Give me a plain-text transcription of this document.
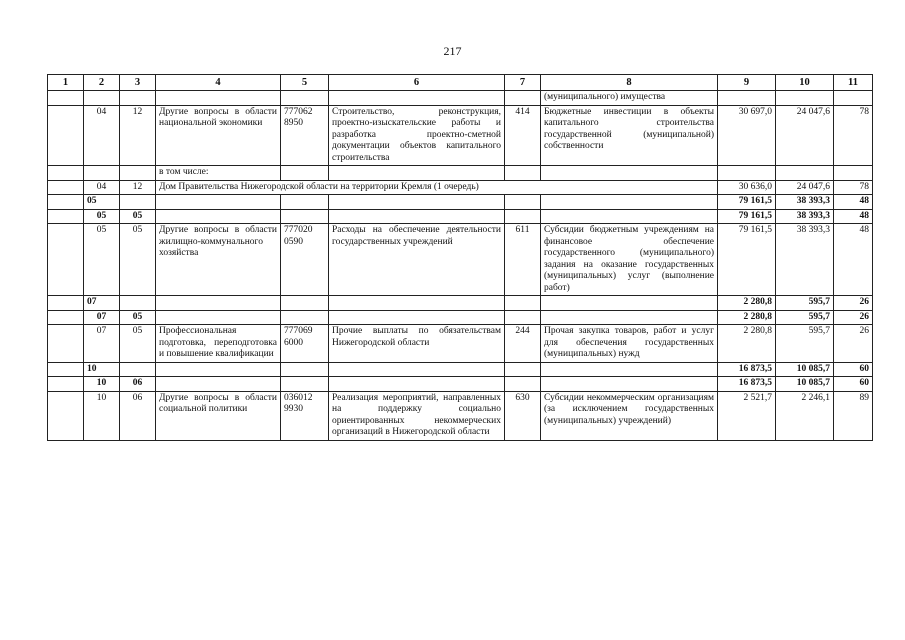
217
1	2	3	4	5	6	7	8	9	10	11
							(муниципального) имущества			
	04	12	Другие вопросы в области национальной экономики	777062 8950	Строительство, реконструкция, проектно-изыскательские работы и разработка проектно-сметной документации объектов капитального строительства	414	Бюджетные инвестиции в объекты капитального строительства государственной (муниципальной) собственности	30 697,0	24 047,6	78
			в том числе:							
	04	12	Дом Правительства Нижегородской области на территории Кремля (1 очередь)					30 636,0	24 047,6	78
	05							79 161,5	38 393,3	48
	05	05						79 161,5	38 393,3	48
	05	05	Другие вопросы в области жилищно-коммунального хозяйства	777020 0590	Расходы на обеспечение деятельности государственных учреждений	611	Субсидии бюджетным учреждениям на финансовое обеспечение государственного (муниципального) задания на оказание государственных (муниципальных) услуг (выполнение работ)	79 161,5	38 393,3	48
	07							2 280,8	595,7	26
	07	05						2 280,8	595,7	26
	07	05	Профессиональная подготовка, переподготовка и повышение квалификации	777069 6000	Прочие выплаты по обязательствам Нижегородской области	244	Прочая закупка товаров, работ и услуг для обеспечения государственных (муниципальных) нужд	2 280,8	595,7	26
	10							16 873,5	10 085,7	60
	10	06						16 873,5	10 085,7	60
	10	06	Другие вопросы в области социальной политики	036012 9930	Реализация мероприятий, направленных на поддержку социально ориентированных некоммерческих организаций в Нижегородской области	630	Субсидии некоммерческим организациям (за исключением государственных (муниципальных) учреждений)	2 521,7	2 246,1	89
